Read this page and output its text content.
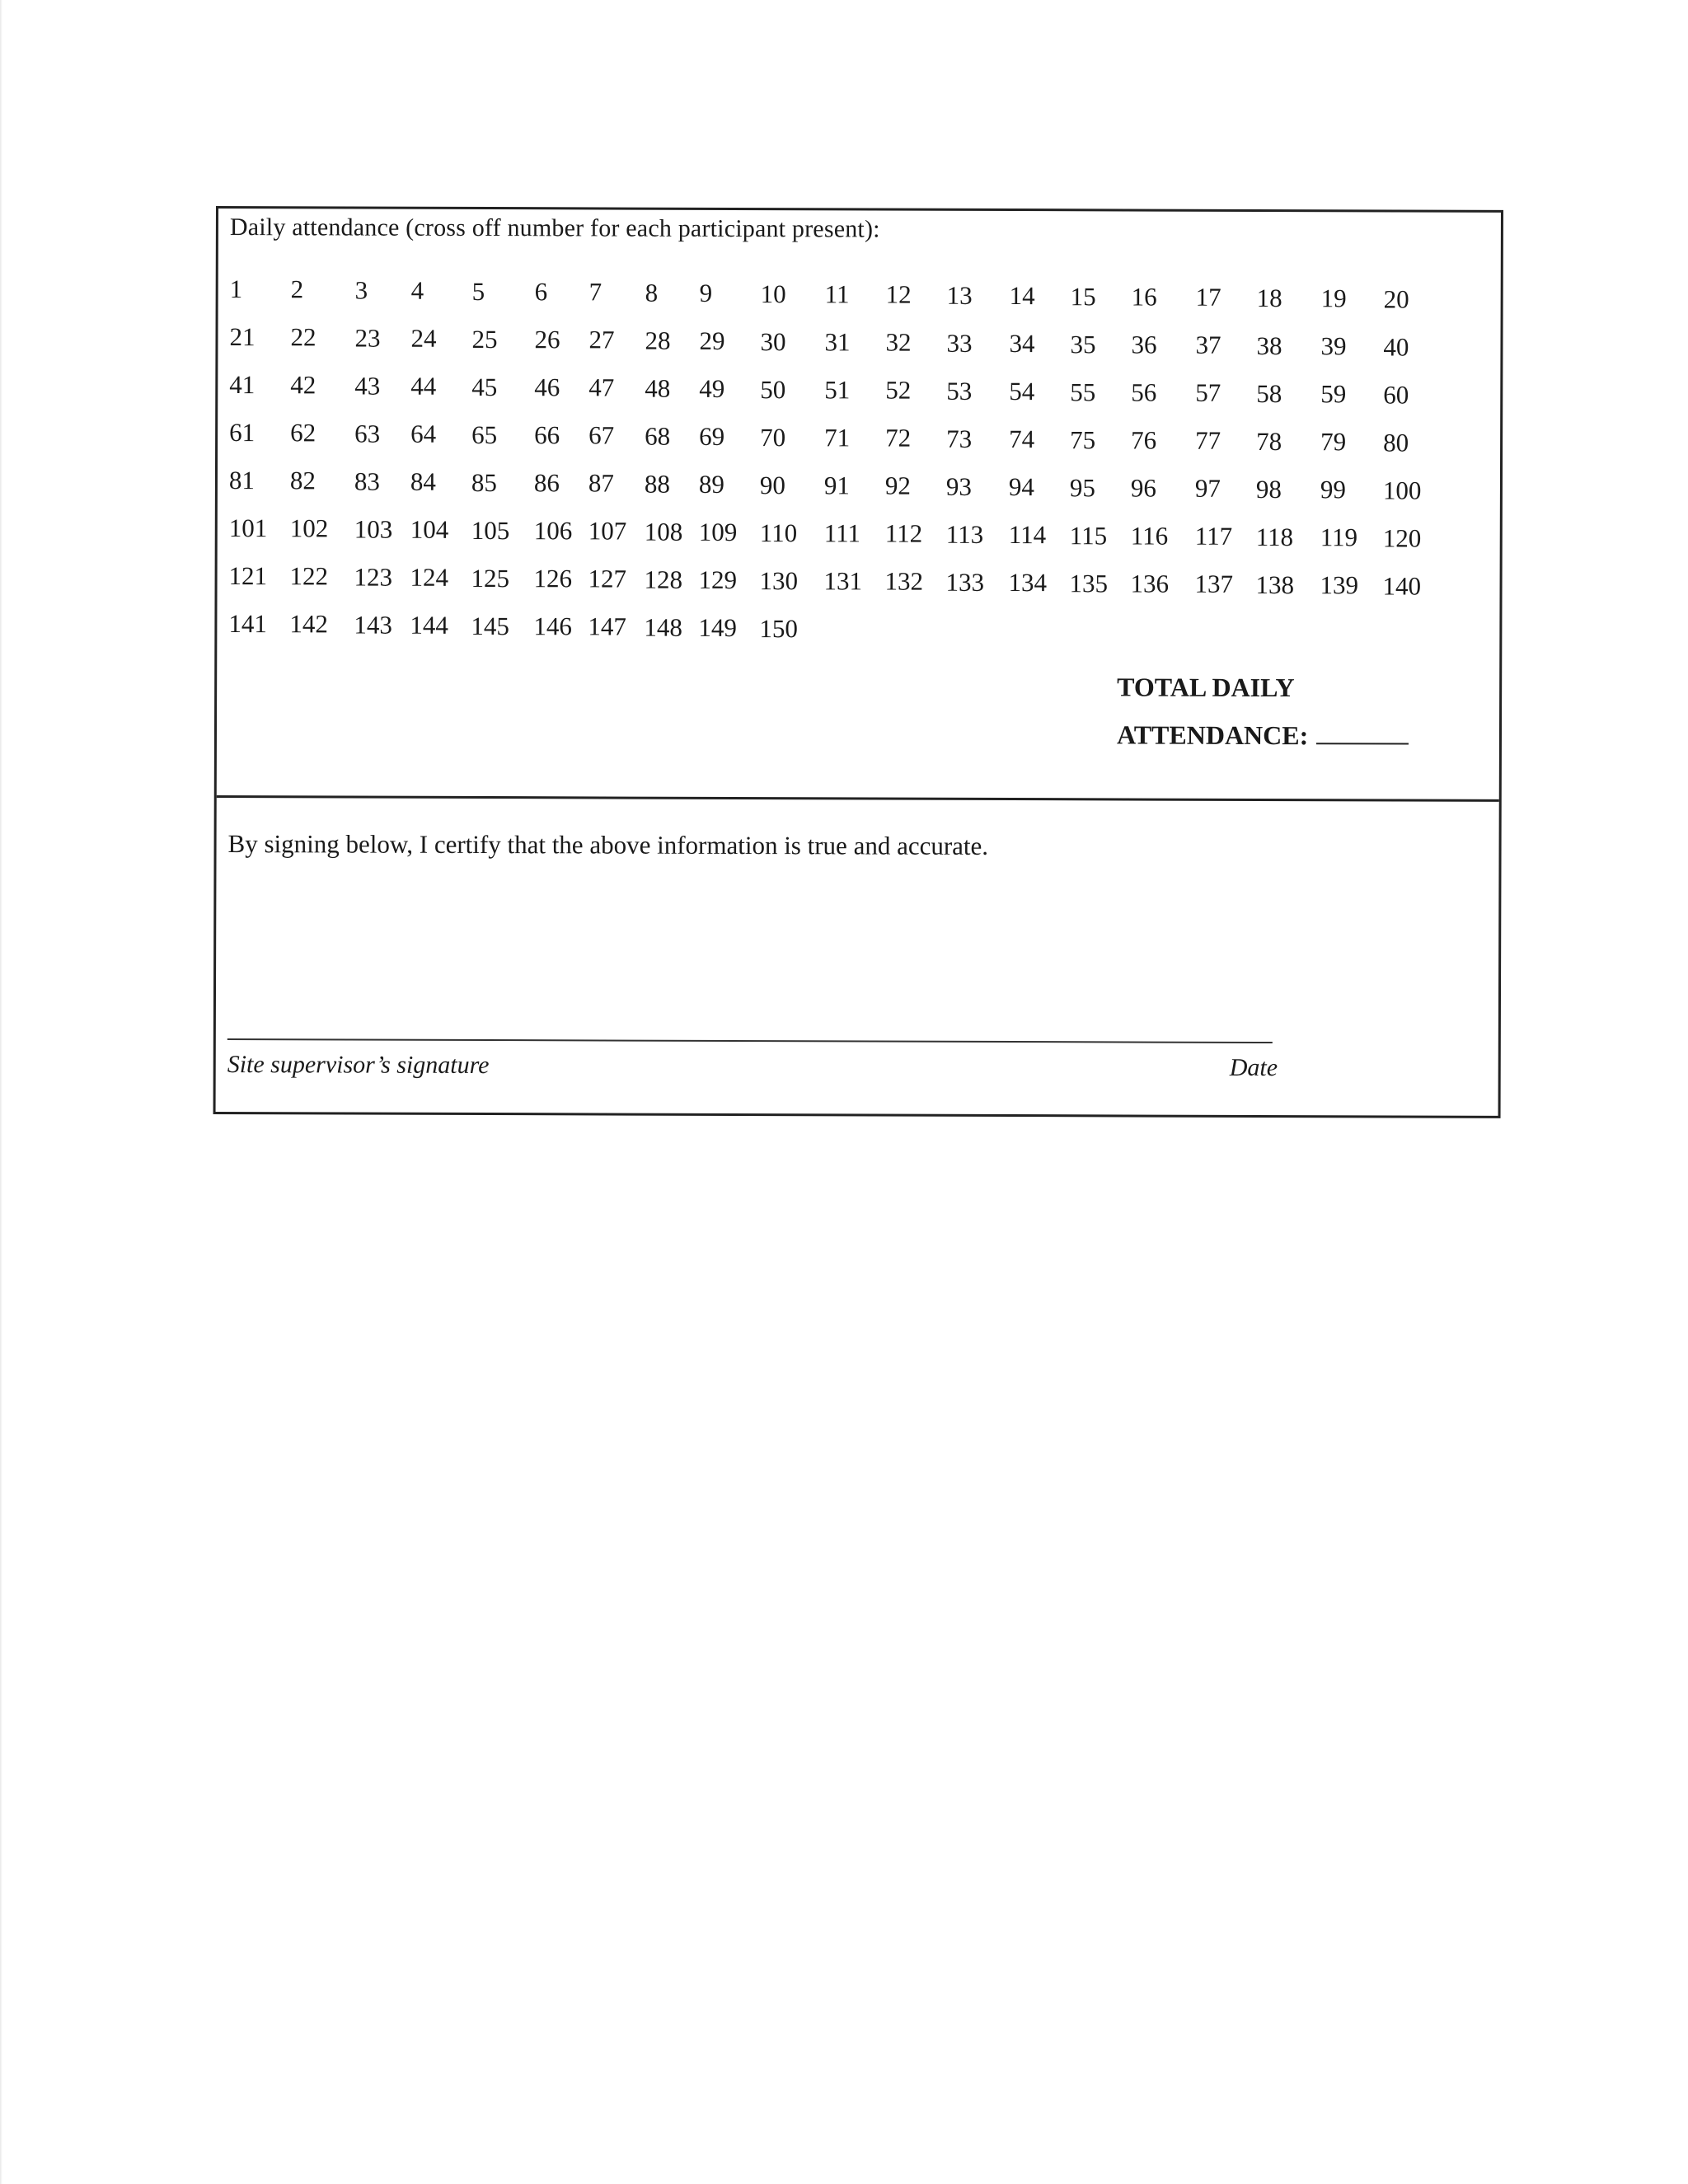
Daily attendance (cross off number for each participant present):
1 2 3 4 5 6 7 8 9 10 11 12 13 14 15 16 17 18 19 20
21 22 23 24 25 26 27 28 29 30 31 32 33 34 35 36 37 38 39 40
41 42 43 44 45 46 47 48 49 50 51 52 53 54 55 56 57 58 59 60
61 62 63 64 65 66 67 68 69 70 71 72 73 74 75 76 77 78 79 80
81 82 83 84 85 86 87 88 89 90 91 92 93 94 95 96 97 98 99 100
101 102 103 104 105 106 107 108 109 110 111 112 113 114 115 116 117 118 119 120
121 122 123 124 125 126 127 128 129 130 131 132 133 134 135 136 137 138 139 140
141 142 143 144 145 146 147 148 149 150
TOTAL DAILY
ATTENDANCE:
By signing below, I certify that the above information is true and accurate.
Site supervisor’s signature	Date
